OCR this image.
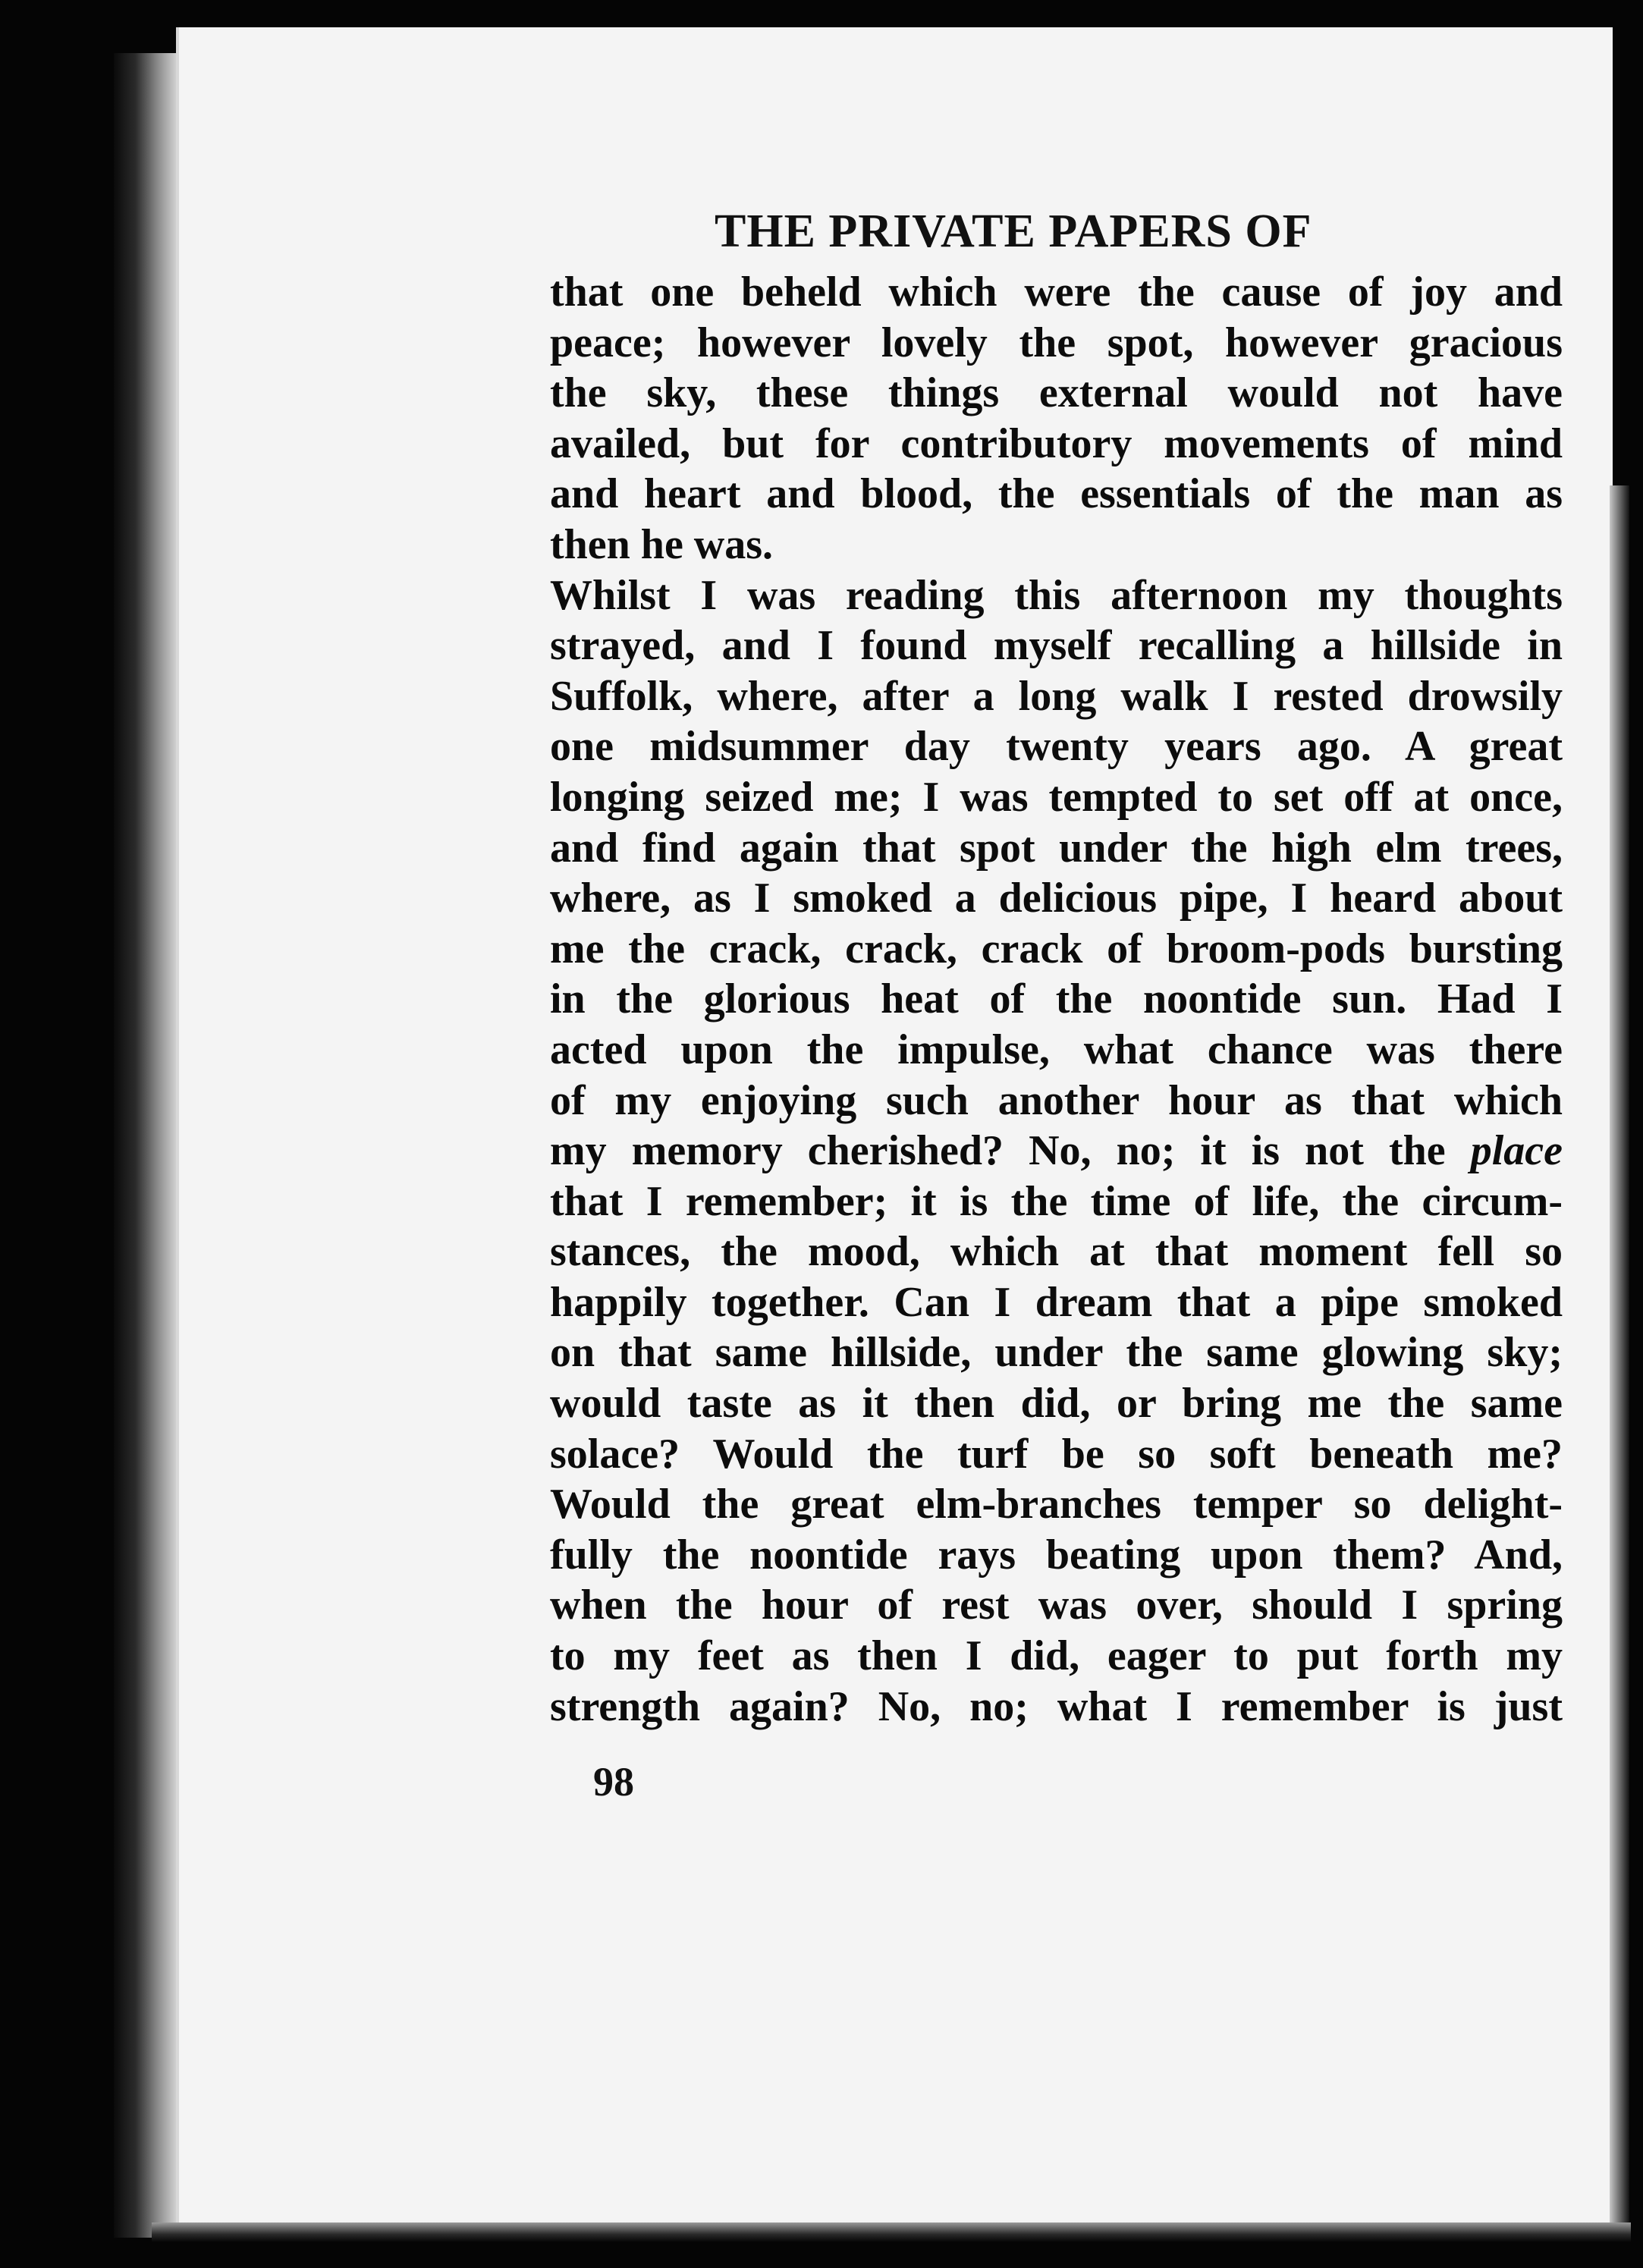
THE PRIVATE PAPERS OF
that one beheld which were the cause of joy and
peace; however lovely the spot, however gracious
the sky, these things external would not have
availed, but for contributory movements of mind
and heart and blood, the essentials of the man as
then he was.
Whilst I was reading this afternoon my thoughts
strayed, and I found myself recalling a hillside in
Suffolk, where, after a long walk I rested drowsily
one midsummer day twenty years ago. A great
longing seized me; I was tempted to set off at once,
and find again that spot under the high elm trees,
where, as I smoked a delicious pipe, I heard about
me the crack, crack, crack of broom-pods bursting
in the glorious heat of the noontide sun. Had I
acted upon the impulse, what chance was there
of my enjoying such another hour as that which
my memory cherished? No, no; it is not the place
that I remember; it is the time of life, the circum-
stances, the mood, which at that moment fell so
happily together. Can I dream that a pipe smoked
on that same hillside, under the same glowing sky;
would taste as it then did, or bring me the same
solace? Would the turf be so soft beneath me?
Would the great elm-branches temper so delight-
fully the noontide rays beating upon them? And,
when the hour of rest was over, should I spring
to my feet as then I did, eager to put forth my
strength again? No, no; what I remember is just
98
